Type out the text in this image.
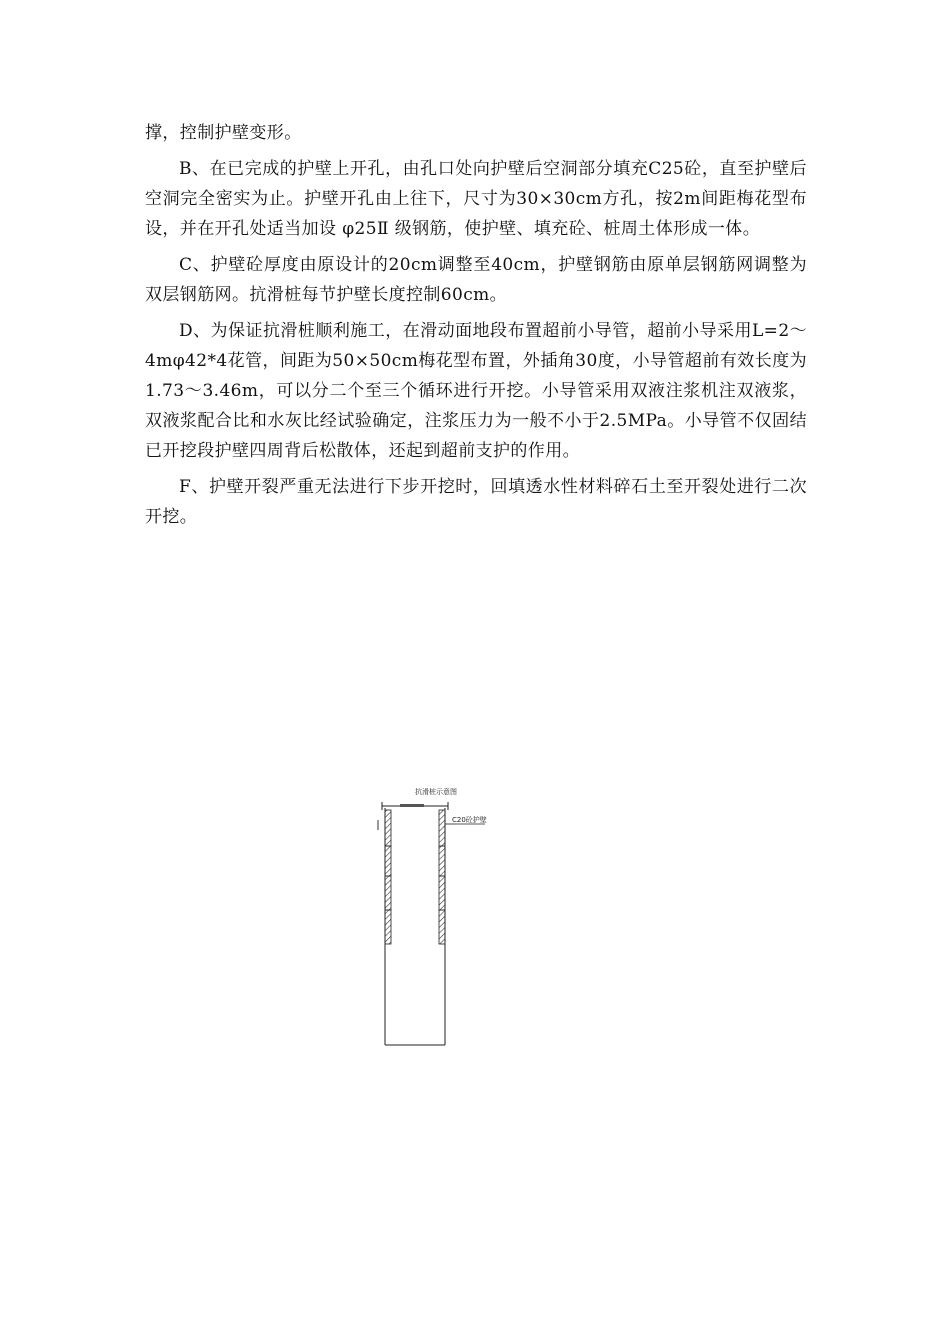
撑，控制护壁变形。

B、在已完成的护壁上开孔，由孔口处向护壁后空洞部分填充C25砼，直至护壁后空洞完全密实为止。护壁开孔由上往下，尺寸为30×30cm方孔，按2m间距梅花型布设，并在开孔处适当加设 φ25Ⅱ 级钢筋，使护壁、填充砼、桩周土体形成一体。

C、护壁砼厚度由原设计的20cm调整至40cm，护壁钢筋由原单层钢筋网调整为双层钢筋网。抗滑桩每节护壁长度控制60cm。

D、为保证抗滑桩顺利施工，在滑动面地段布置超前小导管，超前小导采用L=2～4mφ42*4花管，间距为50×50cm梅花型布置，外插角30度，小导管超前有效长度为1.73～3.46m，可以分二个至三个循环进行开挖。小导管采用双液注浆机注双液浆，双液浆配合比和水灰比经试验确定，注浆压力为一般不小于2.5MPa。小导管不仅固结已开挖段护壁四周背后松散体，还起到超前支护的作用。

F、护壁开裂严重无法进行下步开挖时，回填透水性材料碎石土至开裂处进行二次开挖。

抗滑桩示意图
C20砼护壁
